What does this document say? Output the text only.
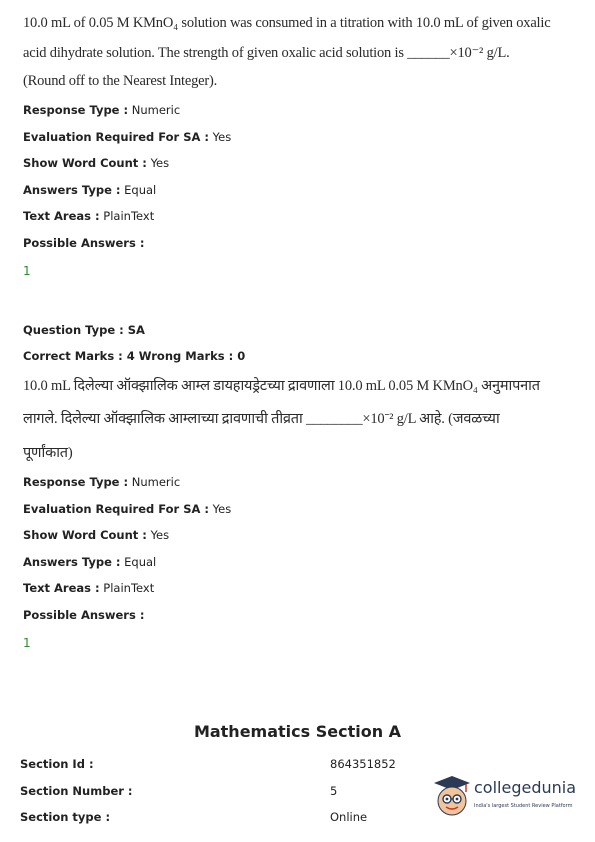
10.0 mL of 0.05 M KMnO₄ solution was consumed in a titration with 10.0 mL of given oxalic
acid dihydrate solution. The strength of given oxalic acid solution is ______×10⁻² g/L.
(Round off to the Nearest Integer).
Response Type : Numeric
Evaluation Required For SA : Yes
Show Word Count : Yes
Answers Type : Equal
Text Areas : PlainText
Possible Answers :
1
Question Type : SA
Correct Marks : 4 Wrong Marks : 0
10.0 mL दिलेल्या ऑक्झालिक आम्ल डायहायड्रेटच्या द्रावणाला 10.0 mL 0.05 M KMnO₄ अनुमापनात
लागले. दिलेल्या ऑक्झालिक आम्लाच्या द्रावणाची तीव्रता ________×10⁻² g/L आहे. (जवळच्या
पूर्णांकात)
Response Type : Numeric
Evaluation Required For SA : Yes
Show Word Count : Yes
Answers Type : Equal
Text Areas : PlainText
Possible Answers :
1
Mathematics Section A
Section Id :	864351852
Section Number :	5
Section type :	Online
collegedunia
India's largest Student Review Platform
